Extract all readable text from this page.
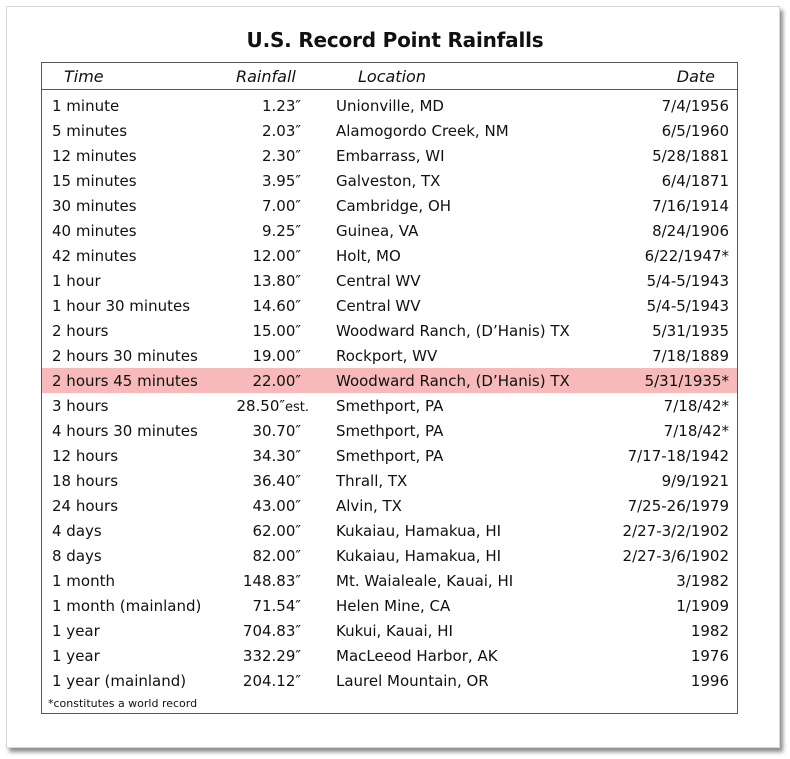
U.S. Record Point Rainfalls
Time	Rainfall	Location	Date
1 minute	1.23″ Unionville, MD	7/4/1956
5 minutes	2.03″ Alamogordo Creek, NM	6/5/1960
12 minutes	2.30″ Embarrass, WI	5/28/1881
15 minutes	3.95″ Galveston, TX	6/4/1871
30 minutes	7.00″ Cambridge, OH	7/16/1914
40 minutes	9.25″ Guinea, VA	8/24/1906
42 minutes	12.00″ Holt, MO	6/22/1947*
1 hour	13.80″ Central WV	5/4-5/1943
1 hour 30 minutes	14.60″ Central WV	5/4-5/1943
2 hours	15.00″ Woodward Ranch, (D’Hanis) TX	5/31/1935
2 hours 30 minutes	19.00″ Rockport, WV	7/18/1889
2 hours 45 minutes	22.00″ Woodward Ranch, (D’Hanis) TX	5/31/1935*
3 hours	28.50″est. Smethport, PA	7/18/42*
4 hours 30 minutes	30.70″ Smethport, PA	7/18/42*
12 hours	34.30″ Smethport, PA	7/17-18/1942
18 hours	36.40″ Thrall, TX	9/9/1921
24 hours	43.00″ Alvin, TX	7/25-26/1979
4 days	62.00″ Kukaiau, Hamakua, HI	2/27-3/2/1902
8 days	82.00″ Kukaiau, Hamakua, HI	2/27-3/6/1902
1 month	148.83″ Mt. Waialeale, Kauai, HI	3/1982
1 month (mainland)	71.54″ Helen Mine, CA	1/1909
1 year	704.83″ Kukui, Kauai, HI	1982
1 year	332.29″ MacLeeod Harbor, AK	1976
1 year (mainland)	204.12″ Laurel Mountain, OR	1996
*constitutes a world record
